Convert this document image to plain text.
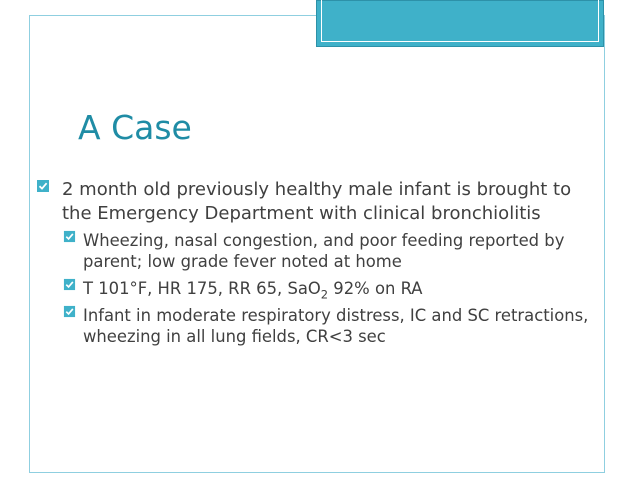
A Case
2 month old previously healthy male infant is brought to the Emergency Department with clinical bronchiolitis
Wheezing, nasal congestion, and poor feeding reported by parent; low grade fever noted at home
T 101°F, HR 175, RR 65, SaO$_2$ 92% on RA
Infant in moderate respiratory distress, IC and SC retractions, wheezing in all lung fields, CR<3 sec
